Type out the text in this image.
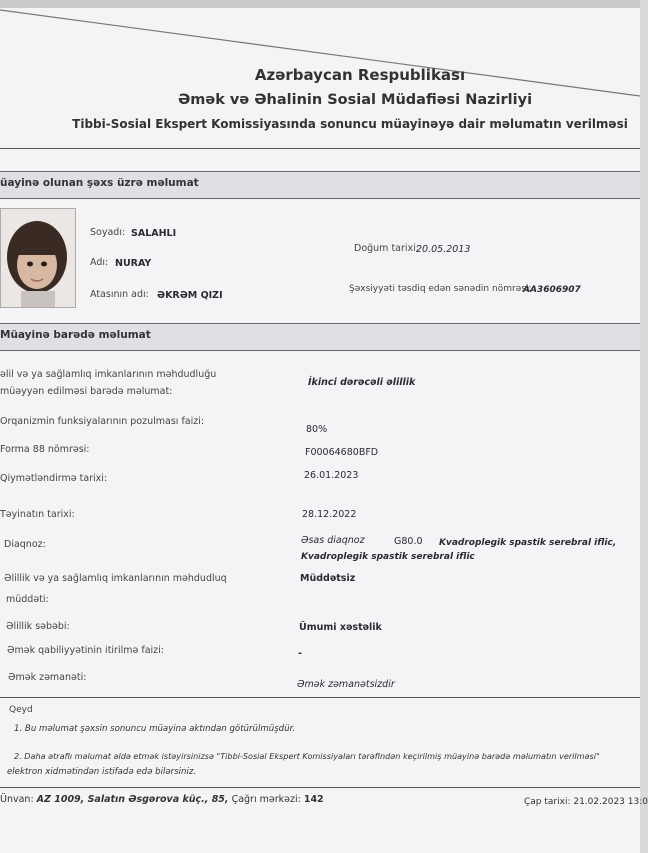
Azərbaycan Respublikası
Əmək və Əhalinin Sosial Müdafiəsi Nazirliyi
Tibbi-Sosial Ekspert Komissiyasında sonuncu müayinəyə dair məlumatın verilməsi
üayinə olunan şəxs üzrə məlumat
Soyadı: SALAHLI
Adı: NURAY
Atasının adı: ƏKRƏM QIZI
Doğum tarixi:
20.05.2013
Şəxsiyyəti təsdiq edən sənədin nömrəsi:
AA3606907
Müayinə barədə məlumat
əlil və ya sağlamlıq imkanlarının məhdudluğu
müəyyən edilməsi barədə məlumat:
İkinci dərəcəli əlillik
Orqanizmin funksiyalarının pozulması faizi:
80%
Forma 88 nömrəsi:	F00064680BFD
Qiymətləndirmə tarixi:	26.01.2023
Təyinatın tarixi:	28.12.2022
Diaqnoz:	Əsas diaqnoz	G80.0 Kvadroplegik spastik serebral iflic,
Kvadroplegik spastik serebral iflic
Əlillik və ya sağlamlıq imkanlarının məhdudluq
müddəti:
Müddətsiz
Əlillik səbəbi:	Ümumi xəstəlik
Əmək qabiliyyətinin itirilmə faizi:	-
Əmək zəmanəti:
Əmək zəmanətsizdir
Qeyd
1. Bu məlumat şəxsin sonuncu müayinə aktından götürülmüşdür.
2. Daha ətraflı məlumat əldə etmək istəyirsinizsə "Tibbi-Sosial Ekspert Komissiyaları tərəfindən keçirilmiş müayinə barədə məlumatın verilməsi"
elektron xidmətindən istifadə edə bilərsiniz.
Ünvan: AZ 1009, Salatın Əsgərova küç., 85, Çağrı mərkəzi: 142	Çap tarixi: 21.02.2023 13:0
